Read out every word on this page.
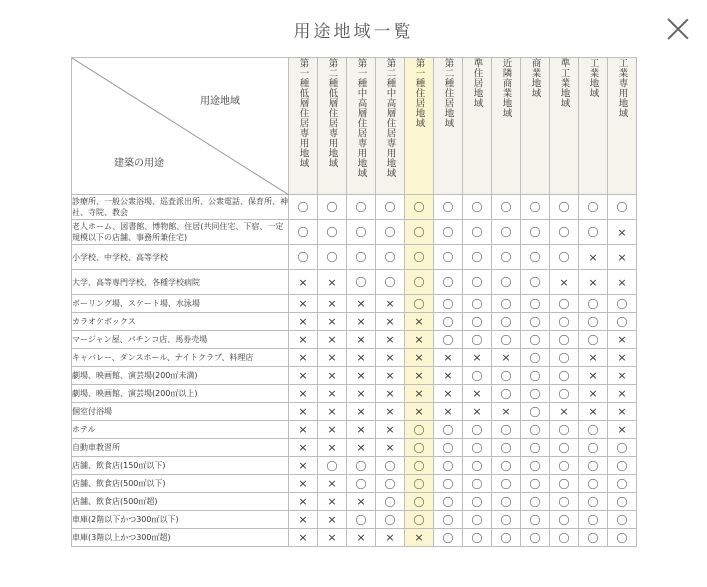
用途地域一覧
用途地域
建築の用途	第一種低層住居専用地域	第二種低層住居専用地域	第一種中高層住居専用地域	第二種中高層住居専用地域	第一種住居地域	第二種住居地域	準住居地域	近隣商業地域	商業地域	準工業地域	工業地域	工業専用地域

診療所、一般公衆浴場、巡査派出所、公衆電話、保育所、神社、寺院、教会	〇	〇	〇	〇	〇	〇	〇	〇	〇	〇	〇	〇
老人ホーム、図書館、博物館、住居(共同住宅、下宿、一定規模以下の店舗、事務所兼住宅)	〇	〇	〇	〇	〇	〇	〇	〇	〇	〇	〇	×
小学校、中学校、高等学校	〇	〇	〇	〇	〇	〇	〇	〇	〇	〇	×	×
大学、高等専門学校、各種学校病院	×	×	〇	〇	〇	〇	〇	〇	〇	×	×	×
ボーリング場、スケート場、水泳場	×	×	×	×	〇	〇	〇	〇	〇	〇	〇	〇
カラオケボックス	×	×	×	×	×	〇	〇	〇	〇	〇	〇	〇
マージャン屋、パチンコ店、馬券売場	×	×	×	×	×	〇	〇	〇	〇	〇	〇	×
キャバレー、ダンスホール、ナイトクラブ、料理店	×	×	×	×	×	×	×	×	〇	〇	×	×
劇場、映画館、演芸場(200㎡未満)	×	×	×	×	×	×	〇	〇	〇	〇	×	×
劇場、映画館、演芸場(200㎡以上)	×	×	×	×	×	×	×	〇	〇	〇	×	×
個室付浴場	×	×	×	×	×	×	×	×	〇	×	×	×
ホテル	×	×	×	×	〇	〇	〇	〇	〇	〇	〇	×
自動車教習所	×	×	×	×	〇	〇	〇	〇	〇	〇	〇	〇
店舗、飲食店(150㎡以下)	×	〇	〇	〇	〇	〇	〇	〇	〇	〇	〇	〇
店舗、飲食店(500㎡以下)	×	×	〇	〇	〇	〇	〇	〇	〇	〇	〇	〇
店舗、飲食店(500㎡超)	×	×	×	〇	〇	〇	〇	〇	〇	〇	〇	〇
車庫(2階以下かつ300㎡以下)	×	×	〇	〇	〇	〇	〇	〇	〇	〇	〇	〇
車庫(3階以上かつ300㎡超)	×	×	×	×	×	〇	〇	〇	〇	〇	〇	〇
